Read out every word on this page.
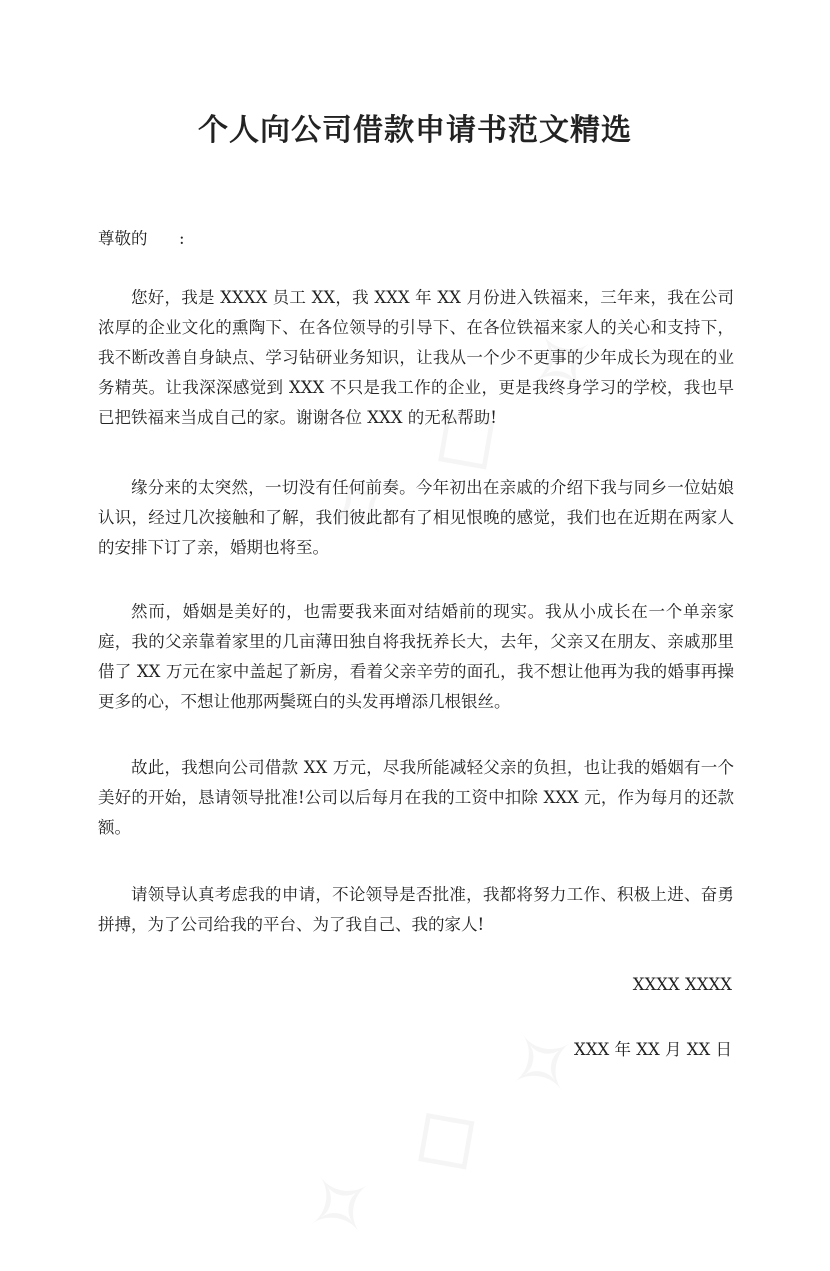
个人向公司借款申请书范文精选
尊敬的      :

您好，我是 XXXX 员工 XX，我 XXX 年 XX 月份进入铁福来，三年来，我在公司浓厚的企业文化的熏陶下、在各位领导的引导下、在各位铁福来家人的关心和支持下，我不断改善自身缺点、学习钻研业务知识，让我从一个少不更事的少年成长为现在的业务精英。让我深深感觉到 XXX 不只是我工作的企业，更是我终身学习的学校，我也早已把铁福来当成自己的家。谢谢各位 XXX 的无私帮助!

缘分来的太突然，一切没有任何前奏。今年初出在亲戚的介绍下我与同乡一位姑娘认识，经过几次接触和了解，我们彼此都有了相见恨晚的感觉，我们也在近期在两家人的安排下订了亲，婚期也将至。

然而，婚姻是美好的，也需要我来面对结婚前的现实。我从小成长在一个单亲家庭，我的父亲靠着家里的几亩薄田独自将我抚养长大，去年，父亲又在朋友、亲戚那里借了 XX 万元在家中盖起了新房，看着父亲辛劳的面孔，我不想让他再为我的婚事再操更多的心，不想让他那两鬓斑白的头发再增添几根银丝。

故此，我想向公司借款 XX 万元，尽我所能减轻父亲的负担，也让我的婚姻有一个美好的开始，恳请领导批准!公司以后每月在我的工资中扣除 XXX 元，作为每月的还款额。

请领导认真考虑我的申请，不论领导是否批准，我都将努力工作、积极上进、奋勇拼搏，为了公司给我的平台、为了我自己、我的家人!

XXXX XXXX
XXX 年 XX 月 XX 日
